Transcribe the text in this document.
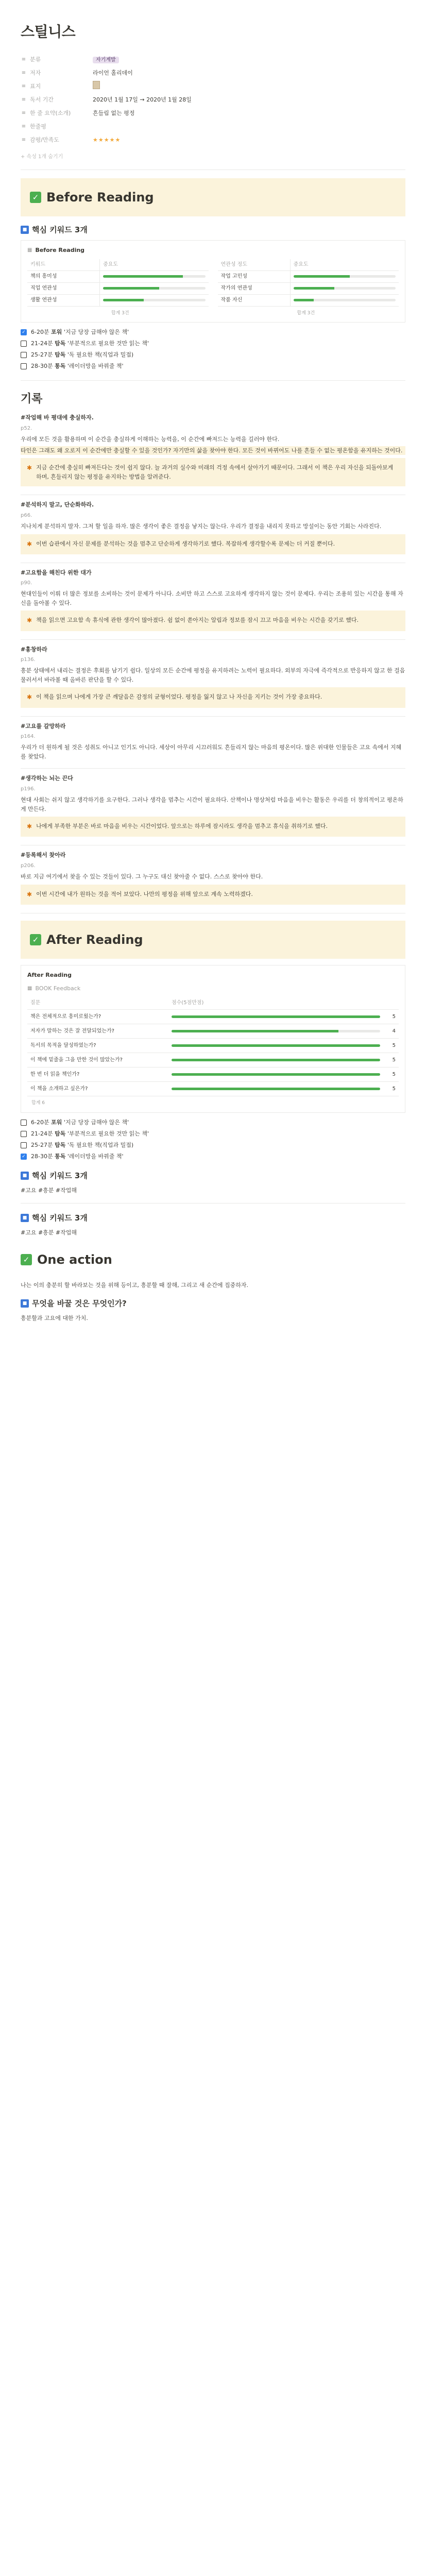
스틸니스
≡ 분류	자기계발
≡ 저자	라이언 홀리데이
≡ 표지
≡ 독서 기간	2020년 1월 17일 → 2020년 1월 28일
≡ 한 줄 요약(소개)	흔들림 없는 평정
≡ 한줄평
≡ 감평/만족도	★★★★★
+ 속성 1개 숨기기
✓ Before Reading
■ 핵심 키워드 3개
▦ Before Reading
키워드	중요도
책의 흥미성	

직업 연관성	

생활 연관성	
연관성 정도	중요도
작업 고민성	

작가의 연관성	

작품 자신	
합계 3건	합계 3건
✓ 6-20분 포워 '지금 당장 급해야 않은 책'
21-24분 탐독 '부분적으로 필요한 것만 읽는 책'
25-27분 탐독 '독 필요한 책(직업과 밀접)
28-30분 통독 '레이더망을 바꿔줄 책'
기록
#작업해 바 평대에 충실하자.

p52.

우리에 모든 것을 활용하며 이 순간을 충실하게 이해하는 능력을, 이 순간에 빠져드는 능력을 길러야 한다.

타인은 그래도 왜 오로지 이 순간에만 충실할 수 있을 것인가? 자기만의 삶을 찾아야 한다. 모든 것이 바뀌어도 나를 흔들 수 없는 평온함을 유지하는 것이다.

✱ 지금 순간에 충실히 빠져든다는 것이 쉽지 않다. 늘 과거의 실수와 미래의 걱정 속에서 살아가기 때문이다. 그래서 이 책은 우리 자신을 되돌아보게 하며, 흔들리지 않는 평정을 유지하는 방법을 알려준다.
#분석하지 말고, 단순화하라.

p66.

지나치게 분석하지 말자. 그저 할 일을 하자. 많은 생각이 좋은 결정을 낳지는 않는다. 우리가 결정을 내리지 못하고 망설이는 동안 기회는 사라진다.

✱ 이번 습관에서 자신 문제를 분석하는 것을 멈추고 단순하게 생각하기로 했다. 복잡하게 생각할수록 문제는 더 커질 뿐이다.
#고요함을 해친다 위한 대가

p90.

현대인들이 이뤄 더 많은 정보를 소비하는 것이 문제가 아니다. 소비만 하고 스스로 고요하게 생각하지 않는 것이 문제다. 우리는 조용히 있는 시간을 통해 자신을 돌아볼 수 있다.

✱ 책을 읽으면 고요함 속 휴식에 관한 생각이 많아졌다. 쉼 없이 쏟아지는 알림과 정보를 잠시 끄고 마음을 비우는 시간을 갖기로 했다.
#홍창하라

p136.

흥분 상태에서 내리는 결정은 후회를 남기기 쉽다. 일상의 모든 순간에 평정을 유지하려는 노력이 필요하다. 외부의 자극에 즉각적으로 반응하지 않고 한 걸음 물러서서 바라볼 때 올바른 판단을 할 수 있다.

✱ 이 책을 읽으며 나에게 가장 큰 깨달음은 감정의 균형이었다. 평정을 잃지 않고 나 자신을 지키는 것이 가장 중요하다.
#고요를 갈망하라

p164.

우리가 더 원하게 될 것은 성취도 아니고 인기도 아니다. 세상이 아무리 시끄러워도 흔들리지 않는 마음의 평온이다. 많은 위대한 인물들은 고요 속에서 지혜를 찾았다.

#생각하는 뇌는 끈다

p196.

현대 사회는 쉬지 않고 생각하기를 요구한다. 그러나 생각을 멈추는 시간이 필요하다. 산책이나 명상처럼 마음을 비우는 활동은 우리를 더 창의적이고 평온하게 만든다.

✱ 나에게 부족한 부분은 바로 마음을 비우는 시간이었다. 앞으로는 하루에 잠시라도 생각을 멈추고 휴식을 취하기로 했다.
#등록해서 찾아라

p206.

바로 지금 여기에서 찾을 수 있는 것들이 있다. 그 누구도 대신 찾아줄 수 없다. 스스로 찾아야 한다.

✱ 이번 시간에 내가 원하는 것을 적어 보았다. 나만의 평정을 위해 앞으로 계속 노력하겠다.
✓ After Reading
After Reading
▦ BOOK Feedback
질문	점수(5점만점)	
책은 전체적으로 흥미로웠는가?		5
저자가 말하는 것은 잘 전달되었는가?		4
독서의 목적을 달성하였는가?		5
이 책에 밑줄을 그을 만한 것이 많았는가?		5
한 번 더 읽을 책인가?		5
이 책을 소개하고 싶은가?		5
합계 6
6-20분 포워 '지금 당장 급해야 않은 책'
21-24분 탐독 '부분적으로 필요한 것만 읽는 책'
25-27분 탐독 '독 필요한 책(직업과 밀접)
✓ 28-30분 통독 '레이더망을 바꿔줄 책'
■ 핵심 키워드 3개
#고요 #흥분 #작업해
■ 핵심 키워드 3개
#고요 #흥분 #작업해
✓ One action
나는 이의 충분히 할 바라보는 것을 위해 등이고, 흥분할 때 잘해, 그리고 새 순간에 집중하자.
■ 무엇을 바꿀 것은 무엇인가?
흥분할과 고요에 대한 가치.
